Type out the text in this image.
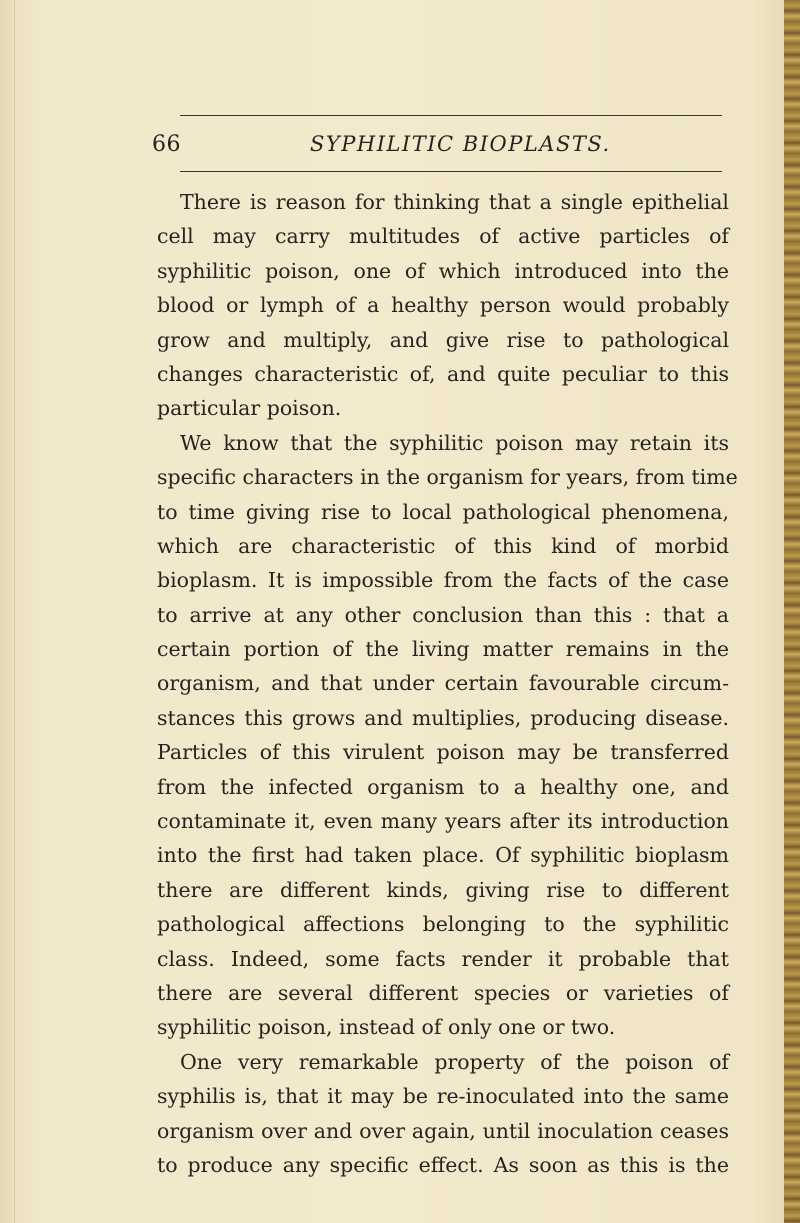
66	SYPHILITIC BIOPLASTS.
There is reason for thinking that a single epithelial
cell may carry multitudes of active particles of
syphilitic poison, one of which introduced into the
blood or lymph of a healthy person would probably
grow and multiply, and give rise to pathological
changes characteristic of, and quite peculiar to this
particular poison.
We know that the syphilitic poison may retain its
specific characters in the organism for years, from time
to time giving rise to local pathological phenomena,
which are characteristic of this kind of morbid
bioplasm. It is impossible from the facts of the case
to arrive at any other conclusion than this : that a
certain portion of the living matter remains in the
organism, and that under certain favourable circum-
stances this grows and multiplies, producing disease.
Particles of this virulent poison may be transferred
from the infected organism to a healthy one, and
contaminate it, even many years after its introduction
into the first had taken place. Of syphilitic bioplasm
there are different kinds, giving rise to different
pathological affections belonging to the syphilitic
class. Indeed, some facts render it probable that
there are several different species or varieties of
syphilitic poison, instead of only one or two.
One very remarkable property of the poison of
syphilis is, that it may be re-inoculated into the same
organism over and over again, until inoculation ceases
to produce any specific effect. As soon as this is the
